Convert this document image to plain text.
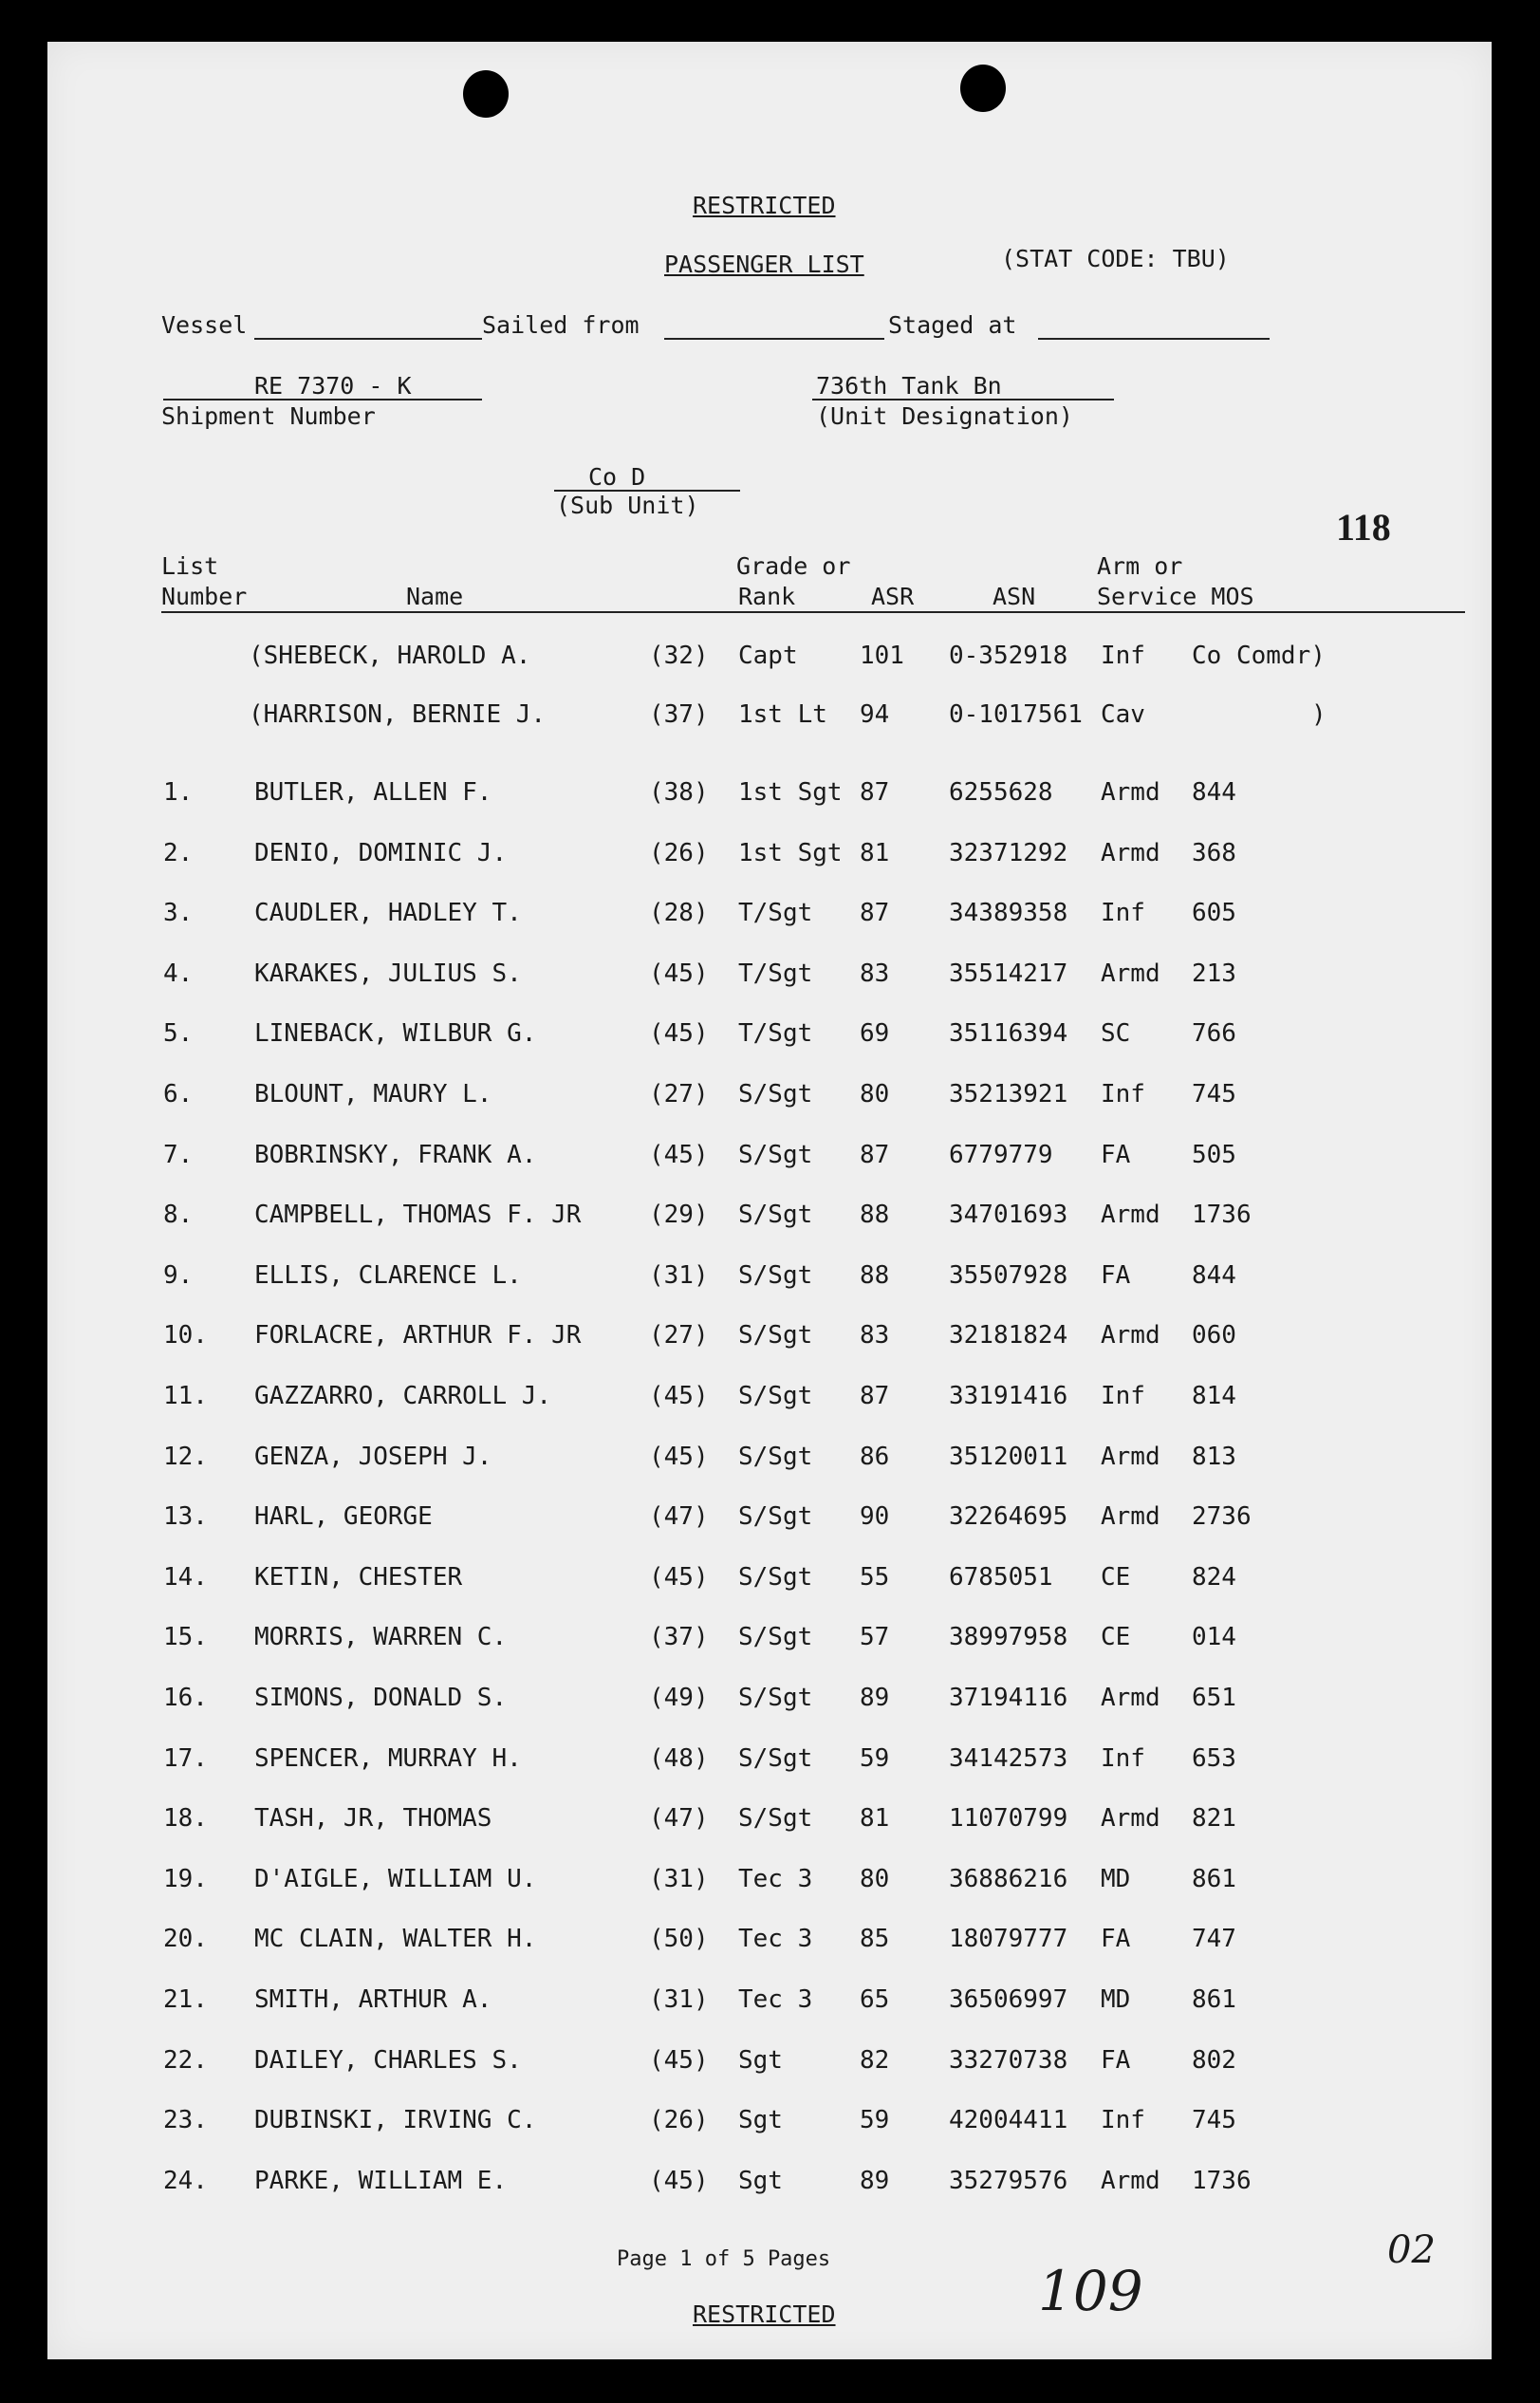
RESTRICTED
PASSENGER LIST	(STAT CODE: TBU)
Vessel	Sailed from	Staged at
RE 7370 - K
Shipment Number
736th Tank Bn
(Unit Designation)
Co D
(Sub Unit)
118
List
Number	Name
Grade or
Rank	ASR	ASN
Arm or
Service MOS
(SHEBECK, HAROLD A.	(32) Capt	101 0-352918 Inf Co Comdr)
(HARRISON, BERNIE J.	(37) 1st Lt 94 0-1017561 Cav	)
1. BUTLER, ALLEN F.	(38) 1st Sgt 87 6255628 Armd 844
2. DENIO, DOMINIC J.	(26) 1st Sgt 81 32371292 Armd 368
3. CAUDLER, HADLEY T.	(28) T/Sgt 87 34389358 Inf 605
4. KARAKES, JULIUS S.	(45) T/Sgt 83 35514217 Armd 213
5. LINEBACK, WILBUR G.	(45) T/Sgt 69 35116394 SC 766
6. BLOUNT, MAURY L.	(27) S/Sgt 80 35213921 Inf 745
7. BOBRINSKY, FRANK A.	(45) S/Sgt 87 6779779 FA 505
8. CAMPBELL, THOMAS F. JR	(29) S/Sgt 88 34701693 Armd 1736
9. ELLIS, CLARENCE L.	(31) S/Sgt 88 35507928 FA 844
10. FORLACRE, ARTHUR F. JR	(27) S/Sgt 83 32181824 Armd 060
11. GAZZARRO, CARROLL J.	(45) S/Sgt 87 33191416 Inf 814
12. GENZA, JOSEPH J.	(45) S/Sgt 86 35120011 Armd 813
13. HARL, GEORGE	(47) S/Sgt 90 32264695 Armd 2736
14. KETIN, CHESTER	(45) S/Sgt 55 6785051 CE 824
15. MORRIS, WARREN C.	(37) S/Sgt 57 38997958 CE 014
16. SIMONS, DONALD S.	(49) S/Sgt 89 37194116 Armd 651
17. SPENCER, MURRAY H.	(48) S/Sgt 59 34142573 Inf 653
18. TASH, JR, THOMAS	(47) S/Sgt 81 11070799 Armd 821
19. D'AIGLE, WILLIAM U.	(31) Tec 3 80 36886216 MD 861
20. MC CLAIN, WALTER H.	(50) Tec 3 85 18079777 FA 747
21. SMITH, ARTHUR A.	(31) Tec 3 65 36506997 MD 861
22. DAILEY, CHARLES S.	(45) Sgt	82 33270738 FA 802
23. DUBINSKI, IRVING C.	(26) Sgt	59 42004411 Inf 745
24. PARKE, WILLIAM E.	(45) Sgt	89 35279576 Armd 1736
Page 1 of 5 Pages
RESTRICTED	109
02
